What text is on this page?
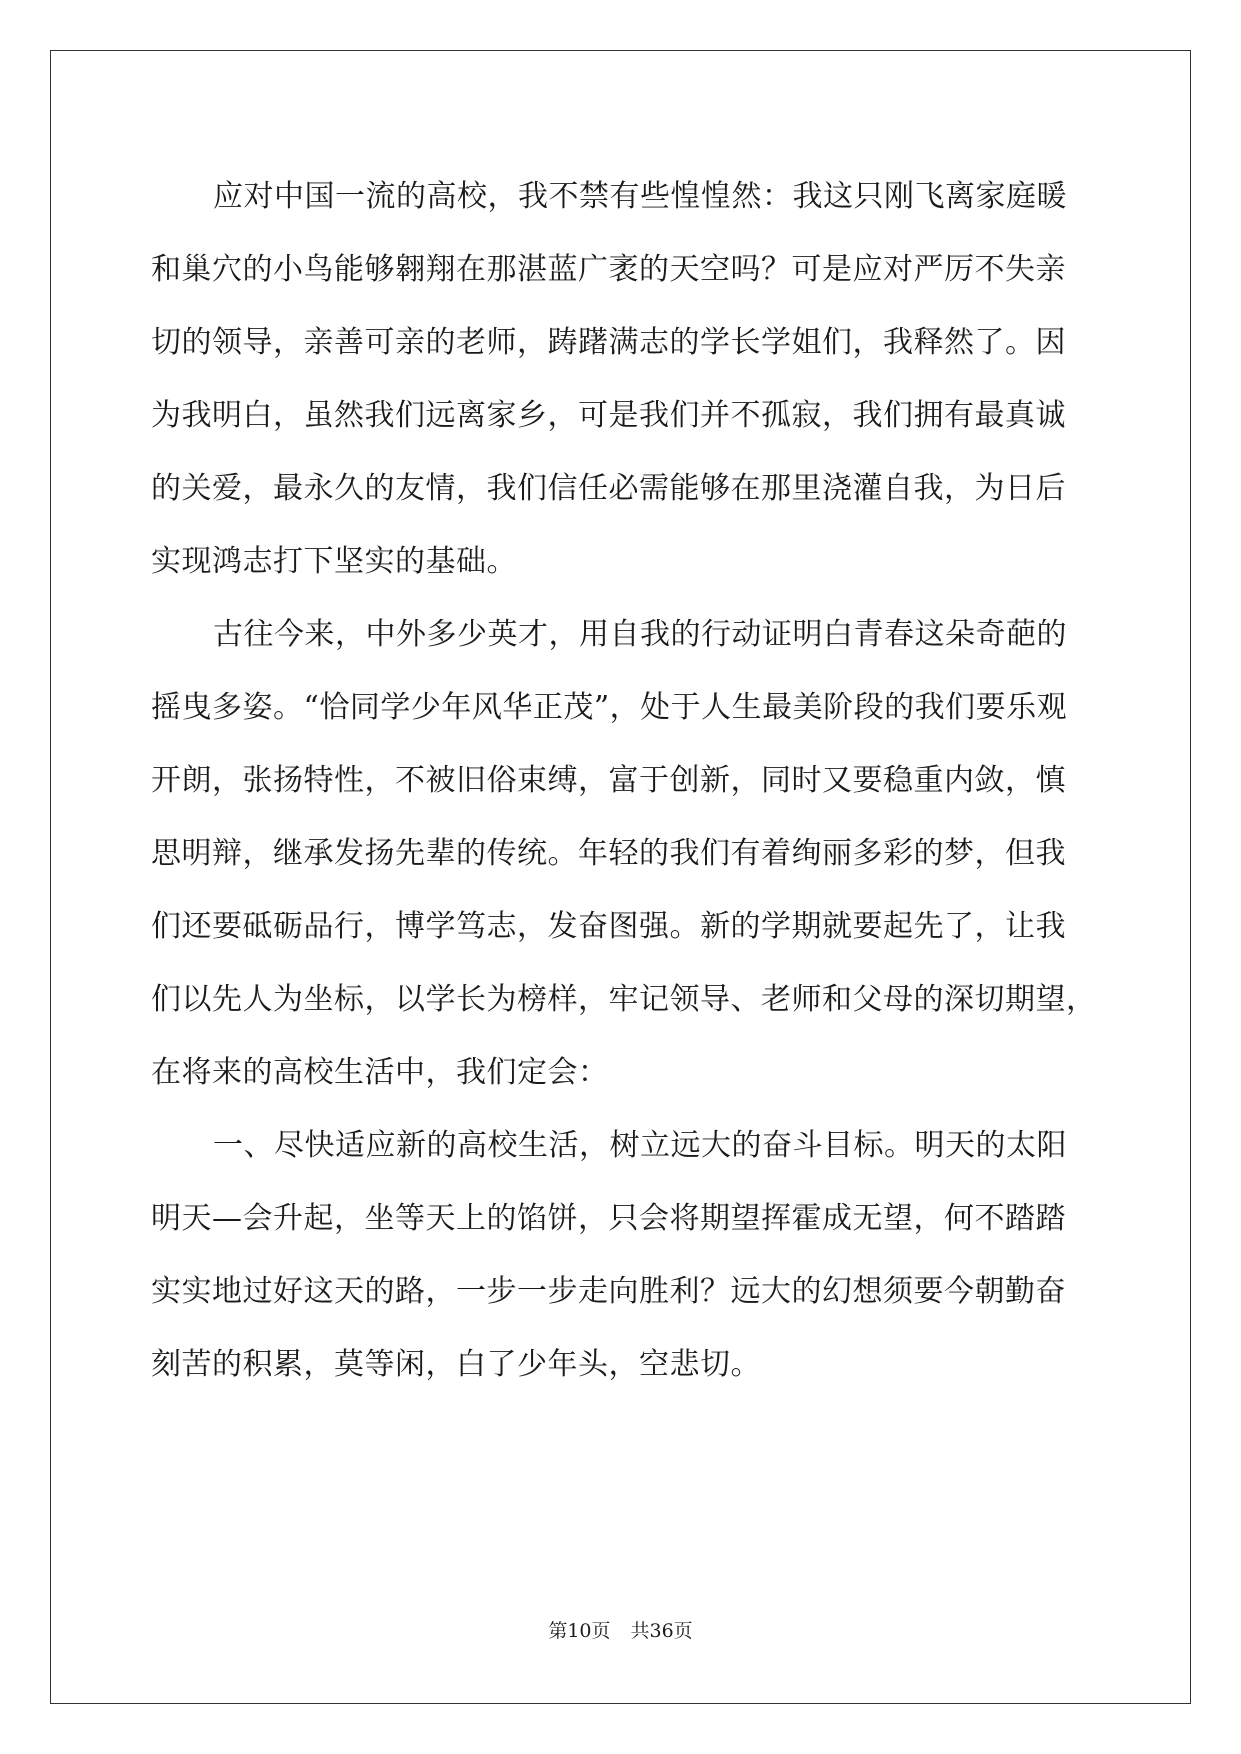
应对中国一流的高校，我不禁有些惶惶然：我这只刚飞离家庭暖
和巢穴的小鸟能够翱翔在那湛蓝广袤的天空吗？可是应对严厉不失亲
切的领导，亲善可亲的老师，踌躇满志的学长学姐们，我释然了。因
为我明白，虽然我们远离家乡，可是我们并不孤寂，我们拥有最真诚
的关爱，最永久的友情，我们信任必需能够在那里浇灌自我，为日后
实现鸿志打下坚实的基础。

古往今来，中外多少英才，用自我的行动证明白青春这朵奇葩的
摇曳多姿。“恰同学少年风华正茂”，处于人生最美阶段的我们要乐观
开朗，张扬特性，不被旧俗束缚，富于创新，同时又要稳重内敛，慎
思明辩，继承发扬先辈的传统。年轻的我们有着绚丽多彩的梦，但我
们还要砥砺品行，博学笃志，发奋图强。新的学期就要起先了，让我
们以先人为坐标，以学长为榜样，牢记领导、老师和父母的深切期望，
在将来的高校生活中，我们定会：

一、尽快适应新的高校生活，树立远大的奋斗目标。明天的太阳
明天—会升起，坐等天上的馅饼，只会将期望挥霍成无望，何不踏踏
实实地过好这天的路，一步一步走向胜利？远大的幻想须要今朝勤奋
刻苦的积累，莫等闲，白了少年头，空悲切。

第10页 共36页
